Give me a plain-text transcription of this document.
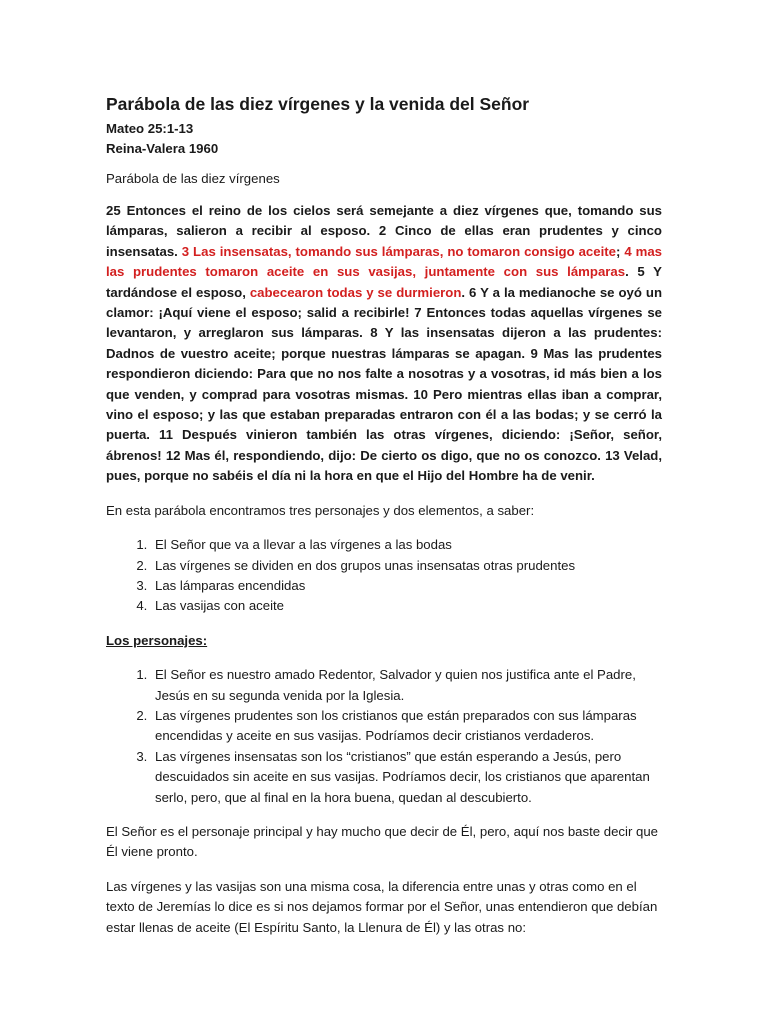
Parábola de las diez vírgenes y la venida del Señor

Mateo 25:1-13

Reina-Valera 1960

Parábola de las diez vírgenes

25 Entonces el reino de los cielos será semejante a diez vírgenes que, tomando sus lámparas, salieron a recibir al esposo. 2 Cinco de ellas eran prudentes y cinco insensatas. 3 Las insensatas, tomando sus lámparas, no tomaron consigo aceite; 4 mas las prudentes tomaron aceite en sus vasijas, juntamente con sus lámparas. 5 Y tardándose el esposo, cabecearon todas y se durmieron. 6 Y a la medianoche se oyó un clamor: ¡Aquí viene el esposo; salid a recibirle! 7 Entonces todas aquellas vírgenes se levantaron, y arreglaron sus lámparas. 8 Y las insensatas dijeron a las prudentes: Dadnos de vuestro aceite; porque nuestras lámparas se apagan. 9 Mas las prudentes respondieron diciendo: Para que no nos falte a nosotras y a vosotras, id más bien a los que venden, y comprad para vosotras mismas. 10 Pero mientras ellas iban a comprar, vino el esposo; y las que estaban preparadas entraron con él a las bodas; y se cerró la puerta. 11 Después vinieron también las otras vírgenes, diciendo: ¡Señor, señor, ábrenos! 12 Mas él, respondiendo, dijo: De cierto os digo, que no os conozco. 13 Velad, pues, porque no sabéis el día ni la hora en que el Hijo del Hombre ha de venir.

En esta parábola encontramos tres personajes y dos elementos, a saber:

1. El Señor que va a llevar a las vírgenes a las bodas
2. Las vírgenes se dividen en dos grupos unas insensatas otras prudentes
3. Las lámparas encendidas
4. Las vasijas con aceite

Los personajes:

1. El Señor es nuestro amado Redentor, Salvador y quien nos justifica ante el Padre, Jesús en su segunda venida por la Iglesia.
2. Las vírgenes prudentes son los cristianos que están preparados con sus lámparas encendidas y aceite en sus vasijas. Podríamos decir cristianos verdaderos.
3. Las vírgenes insensatas son los “cristianos” que están esperando a Jesús, pero descuidados sin aceite en sus vasijas. Podríamos decir, los cristianos que aparentan serlo, pero, que al final en la hora buena, quedan al descubierto.

El Señor es el personaje principal y hay mucho que decir de Él, pero, aquí nos baste decir que Él viene pronto.

Las vírgenes y las vasijas son una misma cosa, la diferencia entre unas y otras como en el texto de Jeremías lo dice es si nos dejamos formar por el Señor, unas entendieron que debían estar llenas de aceite (El Espíritu Santo, la Llenura de Él) y las otras no:
